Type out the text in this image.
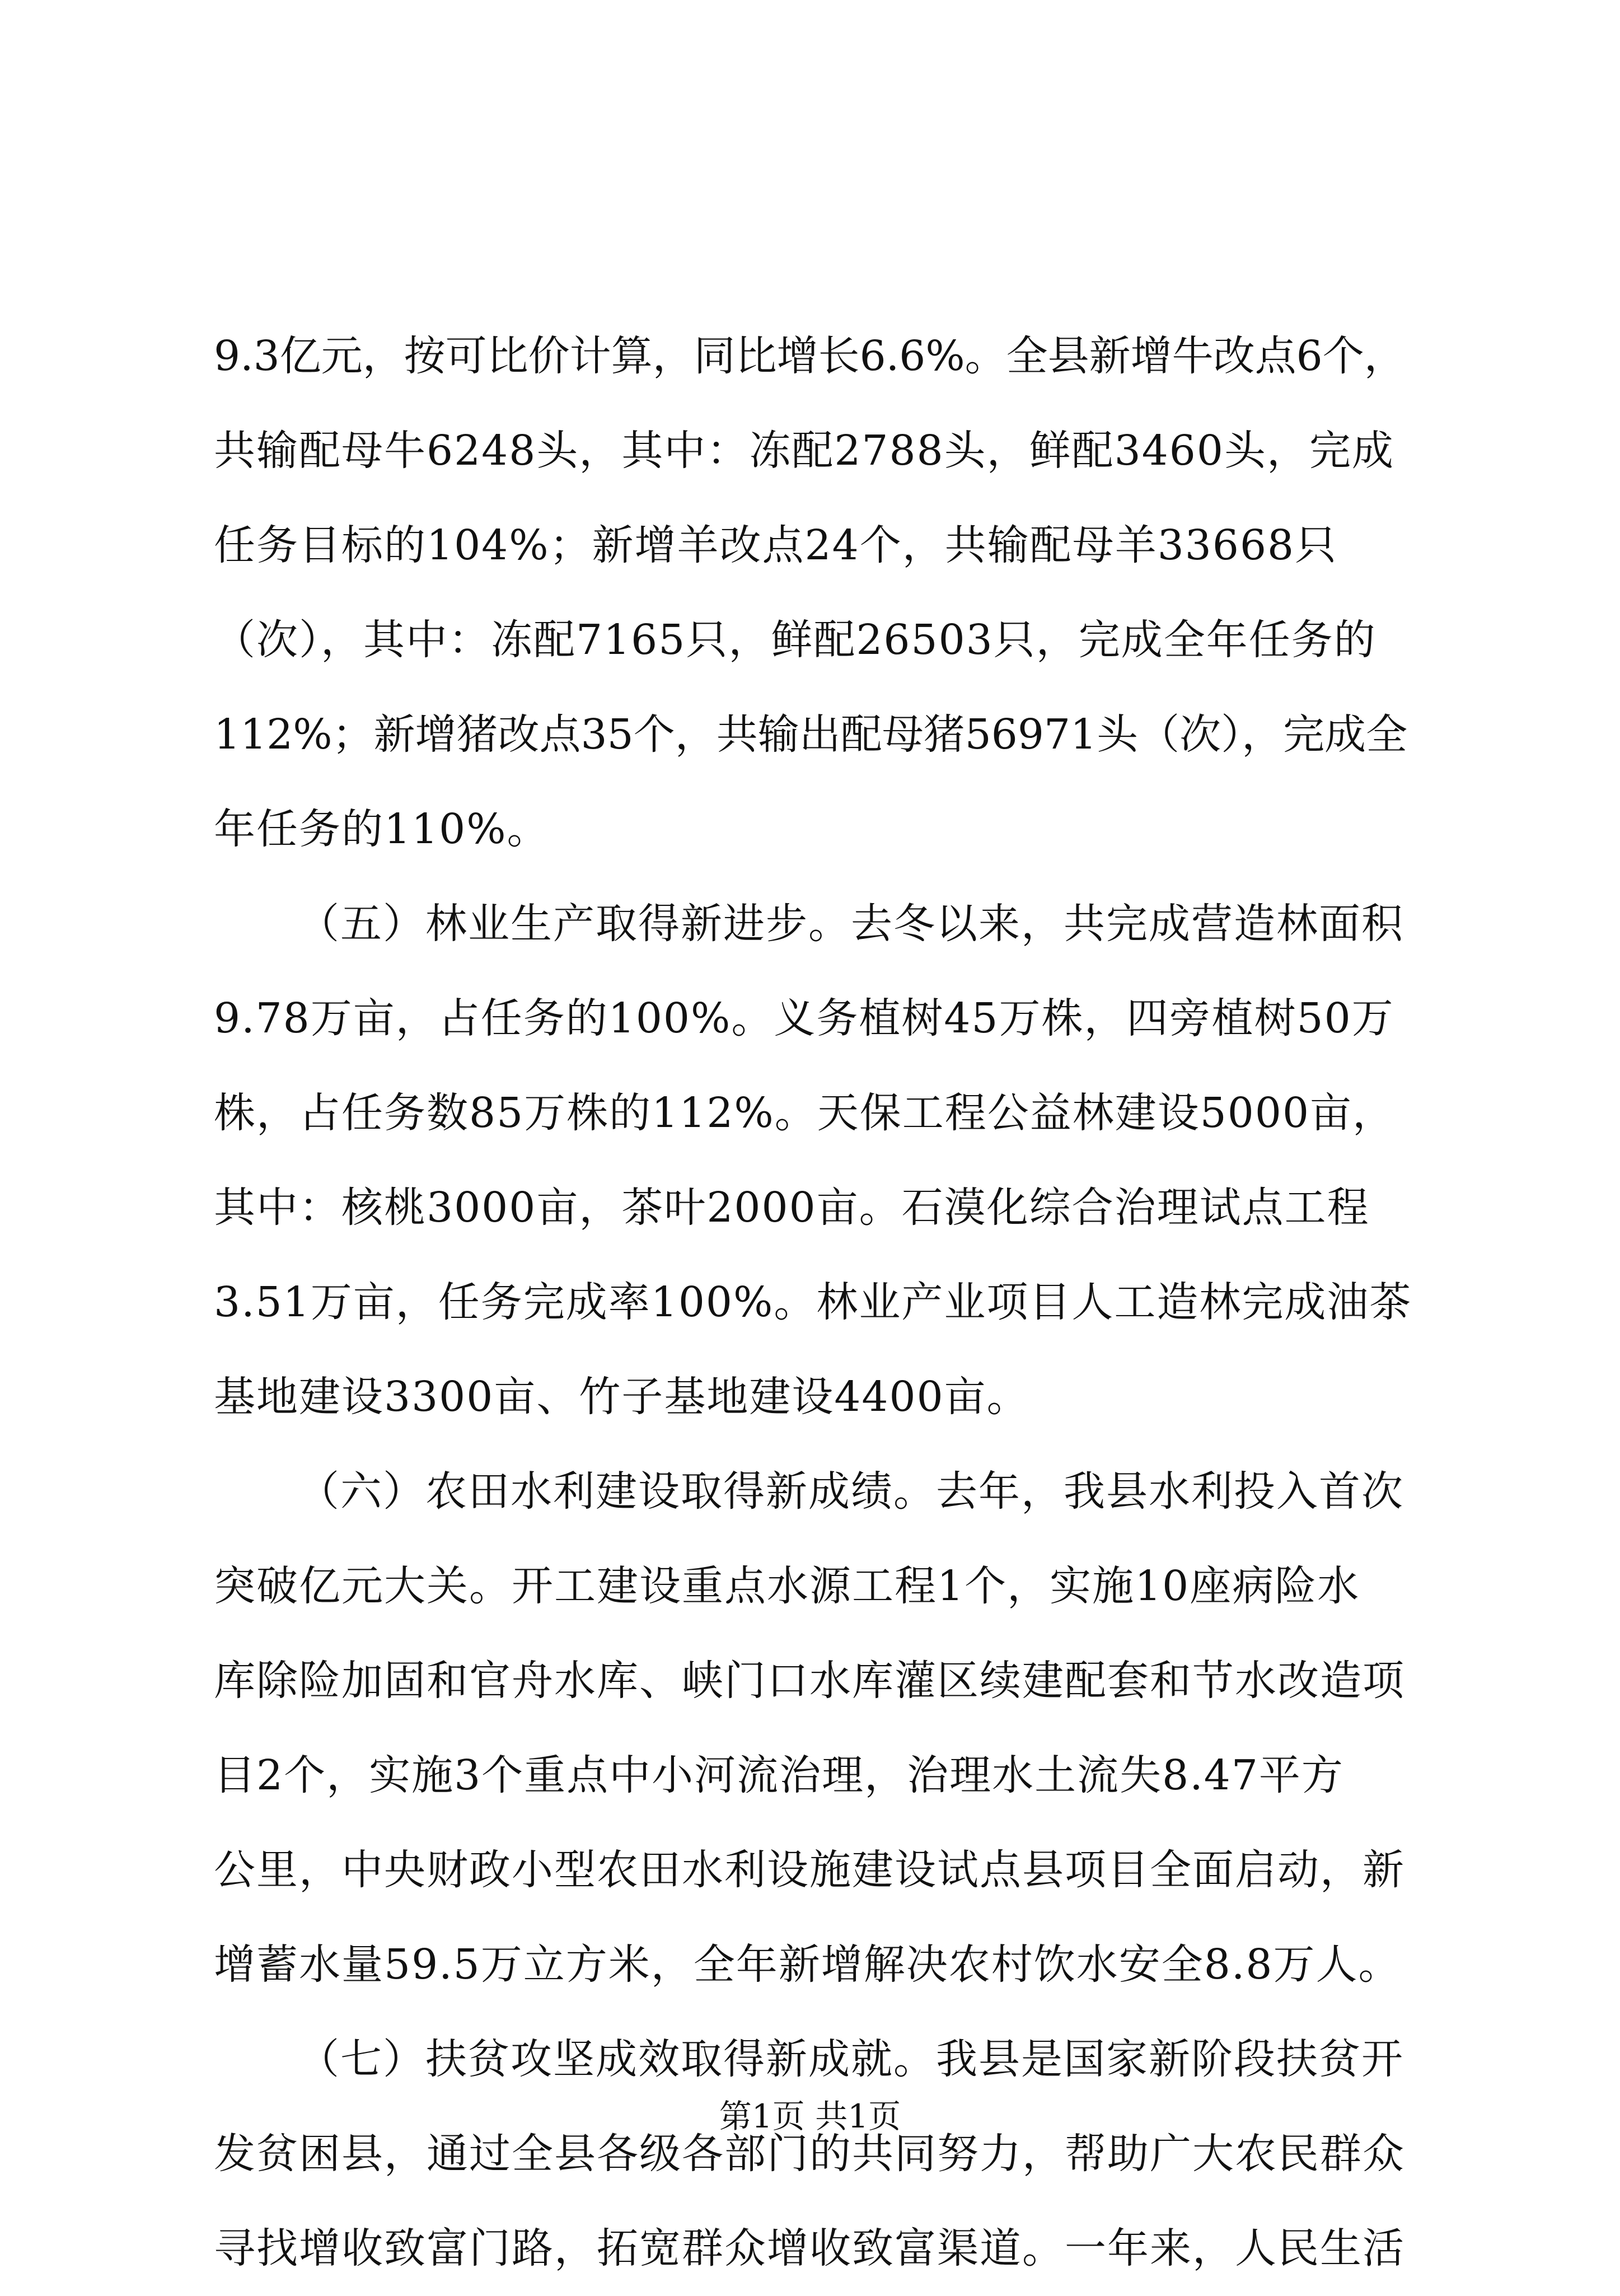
9.3亿元，按可比价计算，同比增长6.6%。全县新增牛改点6个，
共输配母牛6248头，其中：冻配2788头，鲜配3460头，完成
任务目标的104%；新增羊改点24个，共输配母羊33668只
（次），其中：冻配7165只，鲜配26503只，完成全年任务的
112%；新增猪改点35个，共输出配母猪56971头（次），完成全
年任务的110%。
（五）林业生产取得新进步。去冬以来，共完成营造林面积
9.78万亩，占任务的100%。义务植树45万株，四旁植树50万
株，占任务数85万株的112%。天保工程公益林建设5000亩，
其中：核桃3000亩，茶叶2000亩。石漠化综合治理试点工程
3.51万亩，任务完成率100%。林业产业项目人工造林完成油茶
基地建设3300亩、竹子基地建设4400亩。
（六）农田水利建设取得新成绩。去年，我县水利投入首次
突破亿元大关。开工建设重点水源工程1个，实施10座病险水
库除险加固和官舟水库、峡门口水库灌区续建配套和节水改造项
目2个，实施3个重点中小河流治理，治理水土流失8.47平方
公里，中央财政小型农田水利设施建设试点县项目全面启动，新
增蓄水量59.5万立方米，全年新增解决农村饮水安全8.8万人。
（七）扶贫攻坚成效取得新成就。我县是国家新阶段扶贫开
发贫困县，通过全县各级各部门的共同努力，帮助广大农民群众
寻找增收致富门路，拓宽群众增收致富渠道。一年来，人民生活
第1页 共1页
